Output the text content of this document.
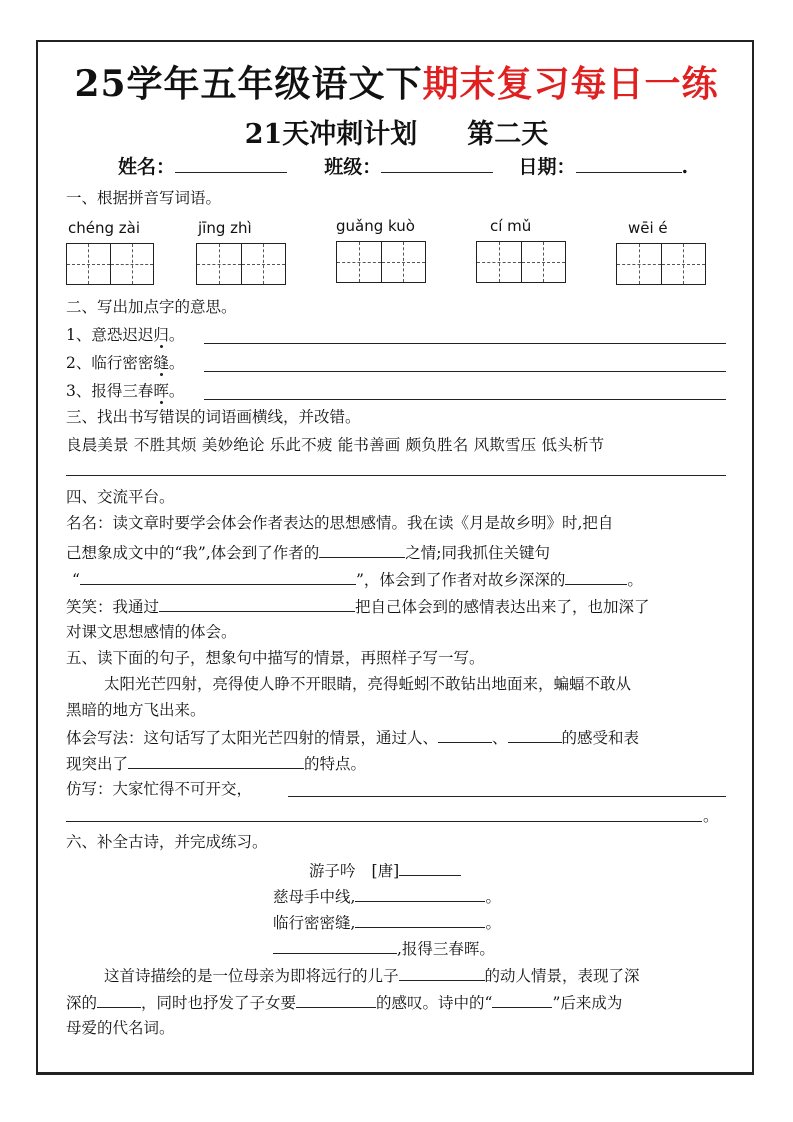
25学年五年级语文下期末复习每日一练
21天冲刺计划 第二天
姓名：	班级：	日期：	.
一、根据拼音写词语。
chéng zài	jīng zhì	guǎng kuò	cí mǔ	wēi é
二、写出加点字的意思。
1、意恐迟迟归。
2、临行密密缝。
3、报得三春晖。
三、找出书写错误的词语画横线，并改错。
良晨美景 不胜其烦 美妙绝论 乐此不疲 能书善画 颇负胜名 风欺雪压 低头析节
四、交流平台。
名名：读文章时要学会体会作者表达的思想感情。我在读《月是故乡明》时,把自
己想象成文中的“我”,体会到了作者的	之情;同我抓住关键句
“	”，体会到了作者对故乡深深的	。
笑笑：我通过	把自己体会到的感情表达出来了，也加深了
对课文思想感情的体会。
五、读下面的句子，想象句中描写的情景，再照样子写一写。
太阳光芒四射，亮得使人睁不开眼睛，亮得蚯蚓不敢钻出地面来，蝙蝠不敢从
黑暗的地方飞出来。
体会写法：这句话写了太阳光芒四射的情景，通过人、	、	的感受和表
现突出了	的特点。
仿写：大家忙得不可开交，
。
六、补全古诗，并完成练习。
游子吟 [唐]
慈母手中线,	。
临行密密缝,	。
,报得三春晖。
这首诗描绘的是一位母亲为即将远行的儿子	的动人情景，表现了深
深的	，同时也抒发了子女要	的感叹。诗中的“	”后来成为
母爱的代名词。
